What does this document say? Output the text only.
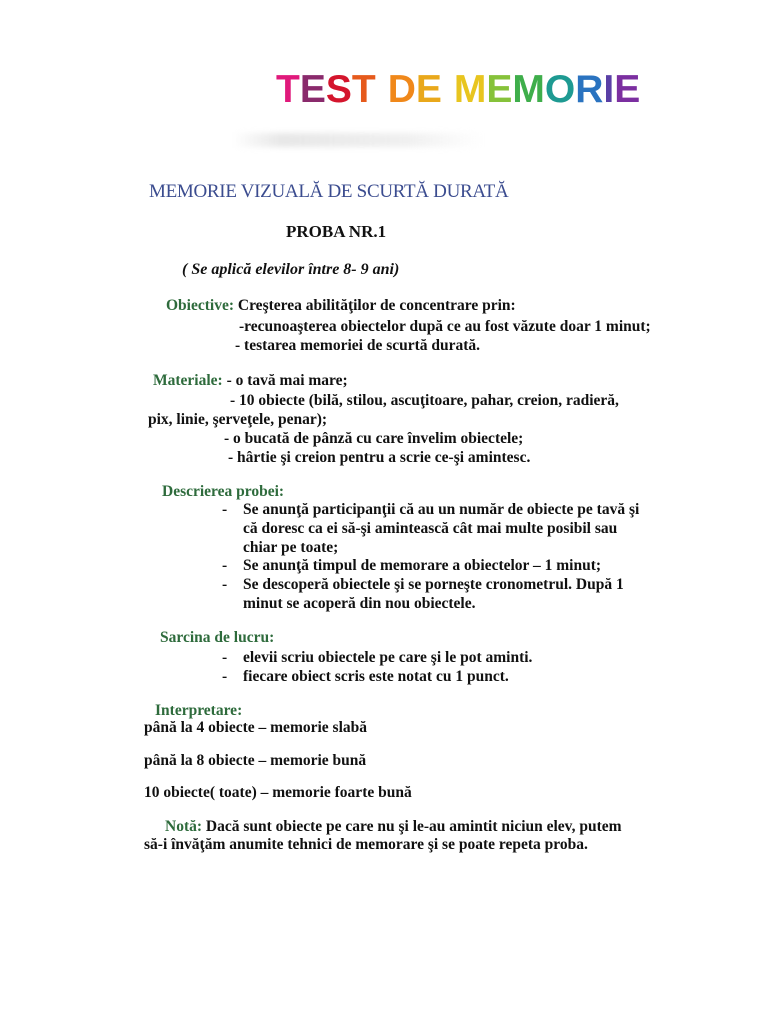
TEST DE MEMORIE
MEMORIE VIZUALĂ DE SCURTĂ DURATĂ
PROBA NR.1
( Se aplică elevilor între 8- 9 ani)
Obiective: Creşterea abilităţilor de concentrare prin:
-recunoaşterea obiectelor după ce au fost văzute doar 1 minut;
- testarea memoriei de scurtă durată.
Materiale: - o tavă mai mare;
- 10 obiecte (bilă, stilou, ascuţitoare, pahar, creion, radieră,
pix, linie, şerveţele, penar);
- o bucată de pânză cu care învelim obiectele;
- hârtie şi creion pentru a scrie ce-şi amintesc.
Descrierea probei:
- Se anunţă participanţii că au un număr de obiecte pe tavă şi
că doresc ca ei să-şi amintească cât mai multe posibil sau
chiar pe toate;
- Se anunţă timpul de memorare a obiectelor – 1 minut;
- Se descoperă obiectele şi se porneşte cronometrul. După 1
minut se acoperă din nou obiectele.
Sarcina de lucru:
- elevii scriu obiectele pe care şi le pot aminti.
- fiecare obiect scris este notat cu 1 punct.
Interpretare:
până la 4 obiecte – memorie slabă
până la 8 obiecte – memorie bună
10 obiecte( toate) – memorie foarte bună
Notă: Dacă sunt obiecte pe care nu şi le-au amintit niciun elev, putem
să-i învăţăm anumite tehnici de memorare şi se poate repeta proba.
